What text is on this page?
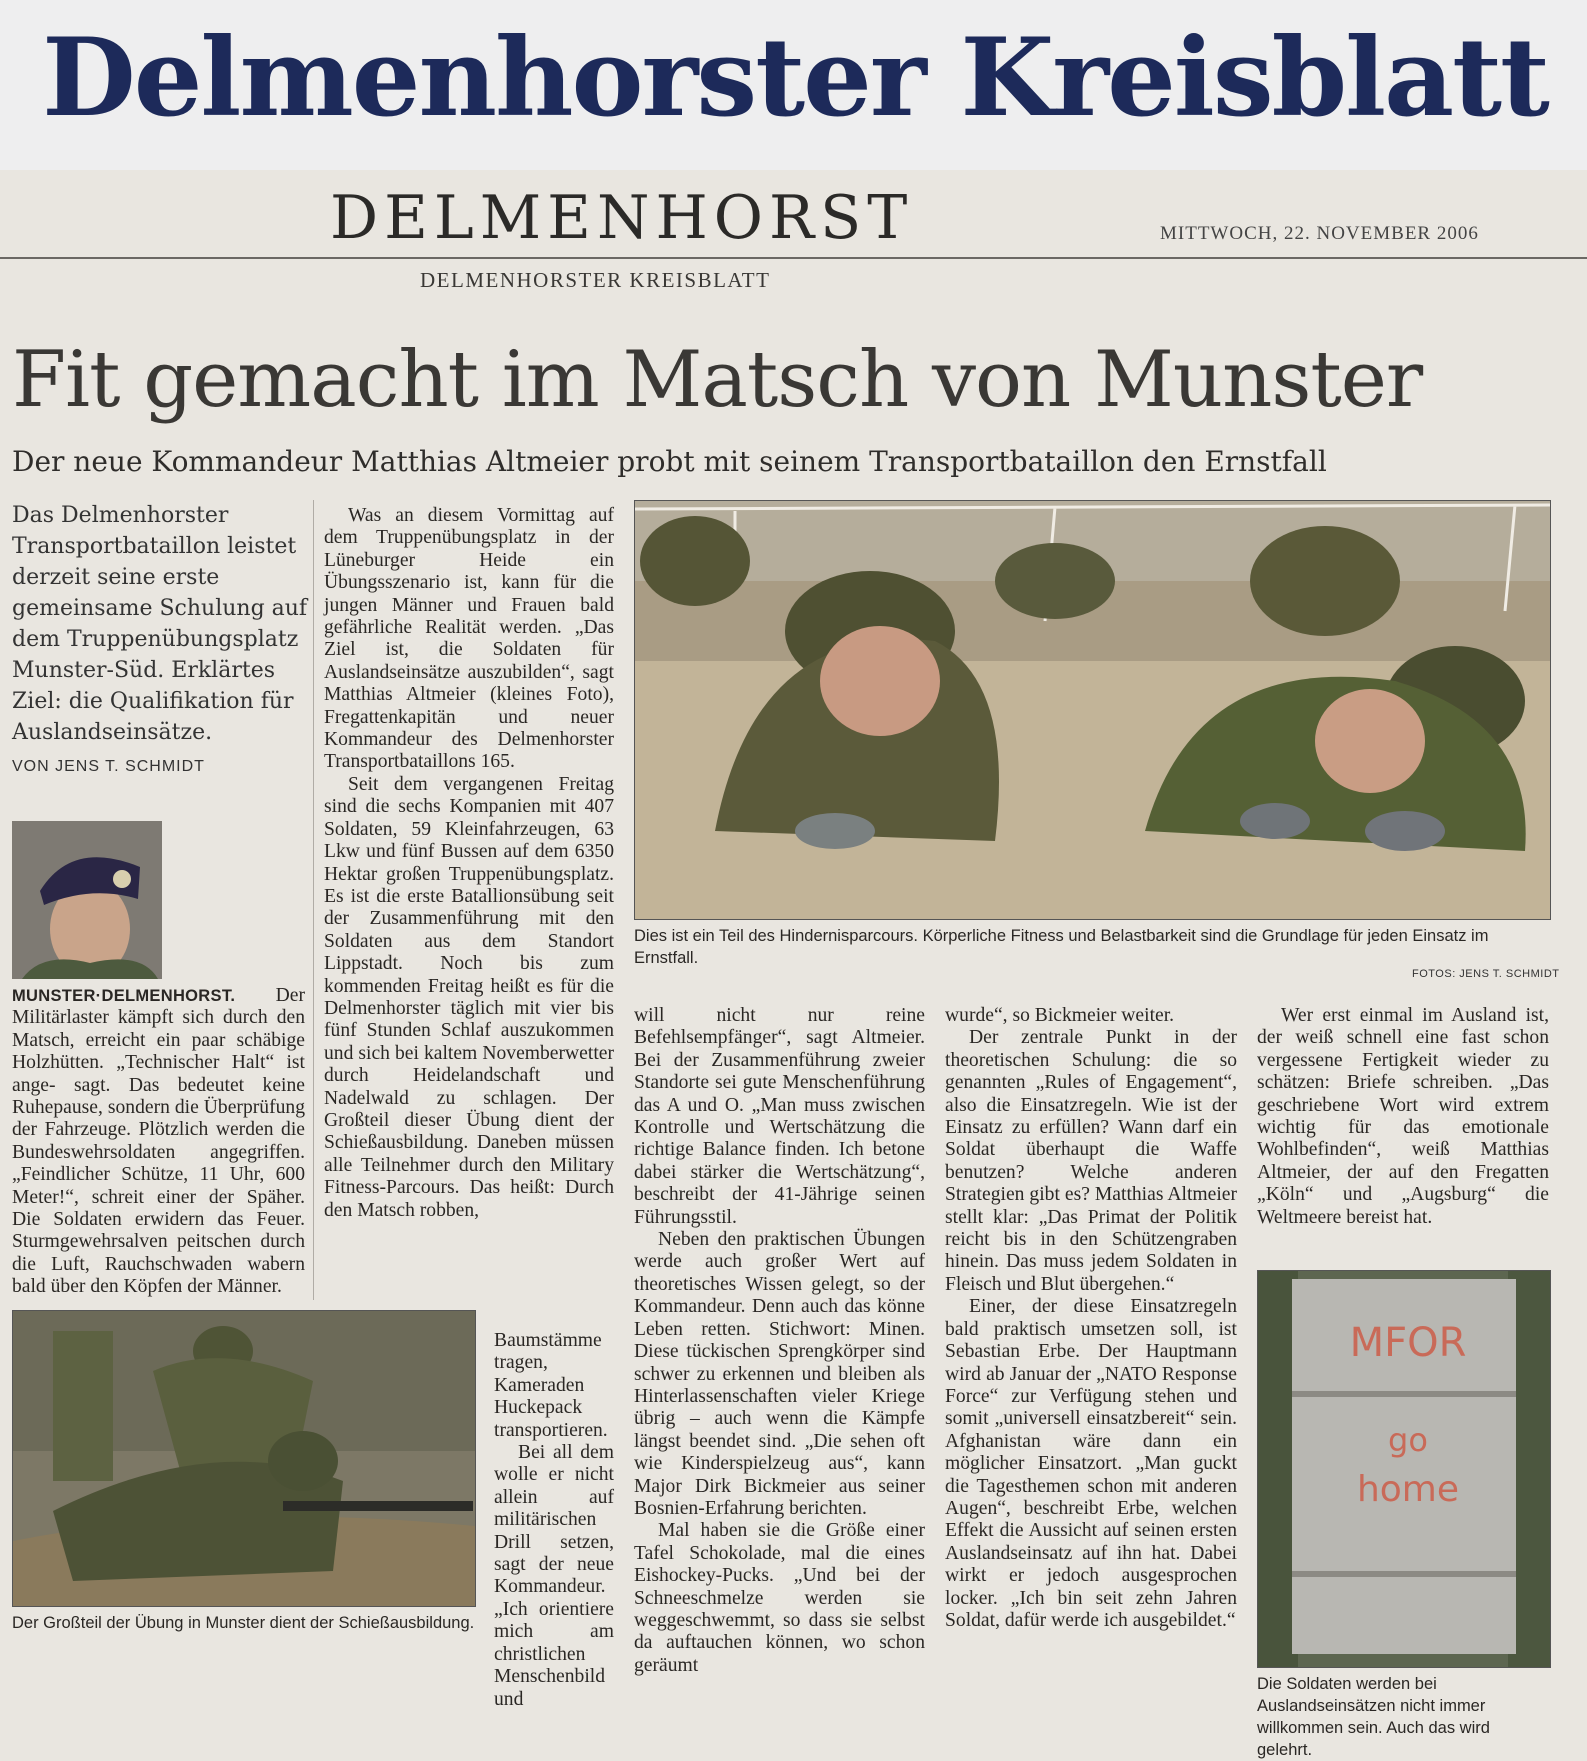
Delmenhorster Kreisblatt
DELMENHORST	MITTWOCH, 22. NOVEMBER 2006
DELMENHORSTER KREISBLATT
Fit gemacht im Matsch von Munster
Der neue Kommandeur Matthias Altmeier probt mit seinem Transportbataillon den Ernstfall
Das Delmenhorster Transportbataillon leistet derzeit seine erste gemeinsame Schulung auf dem Truppenübungsplatz Munster-Süd. Erklärtes Ziel: die Qualifikation für Auslandseinsätze.
VON JENS T. SCHMIDT
MUNSTER·DELMENHORST. Der Militärlaster kämpft sich durch den Matsch, erreicht ein paar schäbige Holzhütten. „Technischer Halt“ ist ange- sagt. Das bedeutet keine Ruhepause, sondern die Überprüfung der Fahrzeuge. Plötzlich werden die Bundeswehrsoldaten angegriffen. „Feindlicher Schütze, 11 Uhr, 600 Meter!“, schreit einer der Späher. Die Soldaten erwidern das Feuer. Sturmgewehrsalven peitschen durch die Luft, Rauchschwaden wabern bald über den Köpfen der Männer.

Was an diesem Vormittag auf dem Truppenübungsplatz in der Lüneburger Heide ein Übungsszenario ist, kann für die jungen Männer und Frauen bald gefährliche Realität werden. „Das Ziel ist, die Soldaten für Auslandseinsätze auszubilden“, sagt Matthias Altmeier (kleines Foto), Fregattenkapitän und neuer Kommandeur des Delmenhorster Transportbataillons 165.

Seit dem vergangenen Freitag sind die sechs Kompanien mit 407 Soldaten, 59 Kleinfahrzeugen, 63 Lkw und fünf Bussen auf dem 6350 Hektar großen Truppenübungsplatz. Es ist die erste Batallionsübung seit der Zusammenführung mit den Soldaten aus dem Standort Lippstadt. Noch bis zum kommenden Freitag heißt es für die Delmenhorster täglich mit vier bis fünf Stunden Schlaf auszukommen und sich bei kaltem Novemberwetter durch Heidelandschaft und Nadelwald zu schlagen. Der Großteil dieser Übung dient der Schießausbildung. Daneben müssen alle Teilnehmer durch den Military Fitness-Parcours. Das heißt: Durch den Matsch robben,

Baumstämme tragen, Kameraden Huckepack transportieren.

Bei all dem wolle er nicht allein auf militärischen Drill setzen, sagt der neue Kommandeur. „Ich orientiere mich am christlichen Menschenbild und

Dies ist ein Teil des Hindernisparcours. Körperliche Fitness und Belastbarkeit sind die Grundlage für jeden Einsatz im Ernstfall.
FOTOS: JENS T. SCHMIDT
Der Großteil der Übung in Munster dient der Schießausbildung.

will nicht nur reine Befehlsempfänger“, sagt Altmeier. Bei der Zusammenführung zweier Standorte sei gute Menschenführung das A und O. „Man muss zwischen Kontrolle und Wertschätzung die richtige Balance finden. Ich betone dabei stärker die Wertschätzung“, beschreibt der 41-Jährige seinen Führungsstil.

Neben den praktischen Übungen werde auch großer Wert auf theoretisches Wissen gelegt, so der Kommandeur. Denn auch das könne Leben retten. Stichwort: Minen. Diese tückischen Sprengkörper sind schwer zu erkennen und bleiben als Hinterlassenschaften vieler Kriege übrig – auch wenn die Kämpfe längst beendet sind. „Die sehen oft wie Kinderspielzeug aus“, kann Major Dirk Bickmeier aus seiner Bosnien-Erfahrung berichten.

Mal haben sie die Größe einer Tafel Schokolade, mal die eines Eishockey-Pucks. „Und bei der Schneeschmelze werden sie weggeschwemmt, so dass sie selbst da auftauchen können, wo schon geräumt

wurde“, so Bickmeier weiter.

Der zentrale Punkt in der theoretischen Schulung: die so genannten „Rules of Engagement“, also die Einsatzregeln. Wie ist der Einsatz zu erfüllen? Wann darf ein Soldat überhaupt die Waffe benutzen? Welche anderen Strategien gibt es? Matthias Altmeier stellt klar: „Das Primat der Politik reicht bis in den Schützengraben hinein. Das muss jedem Soldaten in Fleisch und Blut übergehen.“

Einer, der diese Einsatzregeln bald praktisch umsetzen soll, ist Sebastian Erbe. Der Hauptmann wird ab Januar der „NATO Response Force“ zur Verfügung stehen und somit „universell einsatzbereit“ sein. Afghanistan wäre dann ein möglicher Einsatzort. „Man guckt die Tagesthemen schon mit anderen Augen“, beschreibt Erbe, welchen Effekt die Aussicht auf seinen ersten Auslandseinsatz auf ihn hat. Dabei wirkt er jedoch ausgesprochen locker. „Ich bin seit zehn Jahren Soldat, dafür werde ich ausgebildet.“

Wer erst einmal im Ausland ist, der weiß schnell eine fast schon vergessene Fertigkeit wieder zu schätzen: Briefe schreiben. „Das geschriebene Wort wird extrem wichtig für das emotionale Wohlbefinden“, weiß Matthias Altmeier, der auf den Fregatten „Köln“ und „Augsburg“ die Weltmeere bereist hat.

MFOR
go
home
Die Soldaten werden bei Auslandseinsätzen nicht immer willkommen sein. Auch das wird gelehrt.
